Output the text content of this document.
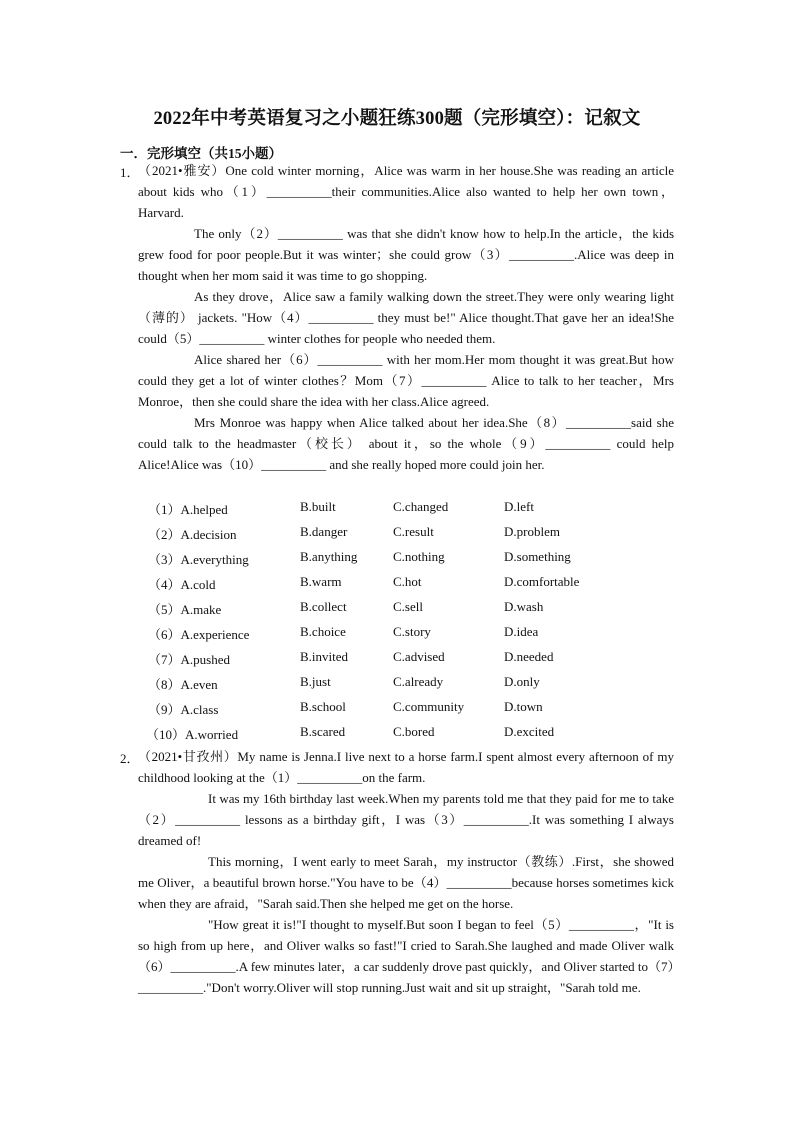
2022年中考英语复习之小题狂练300题（完形填空）：记叙文
一．完形填空（共15小题）
1．
（2021•雅安）One cold winter morning，Alice was warm in her house.She was reading an article about kids who（1）__________their communities.Alice also wanted to help her own town，Harvard.
The only（2）__________ was that she didn't know how to help.In the article，the kids grew food for poor people.But it was winter；she could grow（3）__________.Alice was deep in thought when her mom said it was time to go shopping.
As they drove，Alice saw a family walking down the street.They were only wearing light（薄的） jackets. "How（4）__________ they must be!" Alice thought.That gave her an idea!She could（5）__________ winter clothes for people who needed them.
Alice shared her（6）__________ with her mom.Her mom thought it was great.But how could they get a lot of winter clothes？Mom（7）__________ Alice to talk to her teacher，Mrs Monroe，then she could share the idea with her class.Alice agreed.
Mrs Monroe was happy when Alice talked about her idea.She（8）__________said she could talk to the headmaster（校长） about it，so the whole（9）__________ could help Alice!Alice was（10）__________ and she really hoped more could join her.
（1）A.helped	B.built	C.changed	D.left
（2）A.decision	B.danger	C.result	D.problem
（3）A.everything	B.anything	C.nothing	D.something
（4）A.cold	B.warm	C.hot	D.comfortable
（5）A.make	B.collect	C.sell	D.wash
（6）A.experience	B.choice	C.story	D.idea
（7）A.pushed	B.invited	C.advised	D.needed
（8）A.even	B.just	C.already	D.only
（9）A.class	B.school	C.community	D.town
（10）A.worried	B.scared	C.bored	D.excited
2．
（2021•甘孜州）My name is Jenna.I live next to a horse farm.I spent almost every afternoon of my childhood looking at the（1）__________on the farm.
It was my 16th birthday last week.When my parents told me that they paid for me to take（2）__________ lessons as a birthday gift，I was（3）__________.It was something I always dreamed of!
This morning，I went early to meet Sarah，my instructor（教练）.First，she showed me Oliver，a beautiful brown horse."You have to be（4）__________because horses sometimes kick when they are afraid，"Sarah said.Then she helped me get on the horse.
"How great it is!"I thought to myself.But soon I began to feel（5）__________，"It is so high from up here，and Oliver walks so fast!"I cried to Sarah.She laughed and made Oliver walk（6）__________.A few minutes later，a car suddenly drove past quickly，and Oliver started to（7）__________."Don't worry.Oliver will stop running.Just wait and sit up straight，"Sarah told me.
